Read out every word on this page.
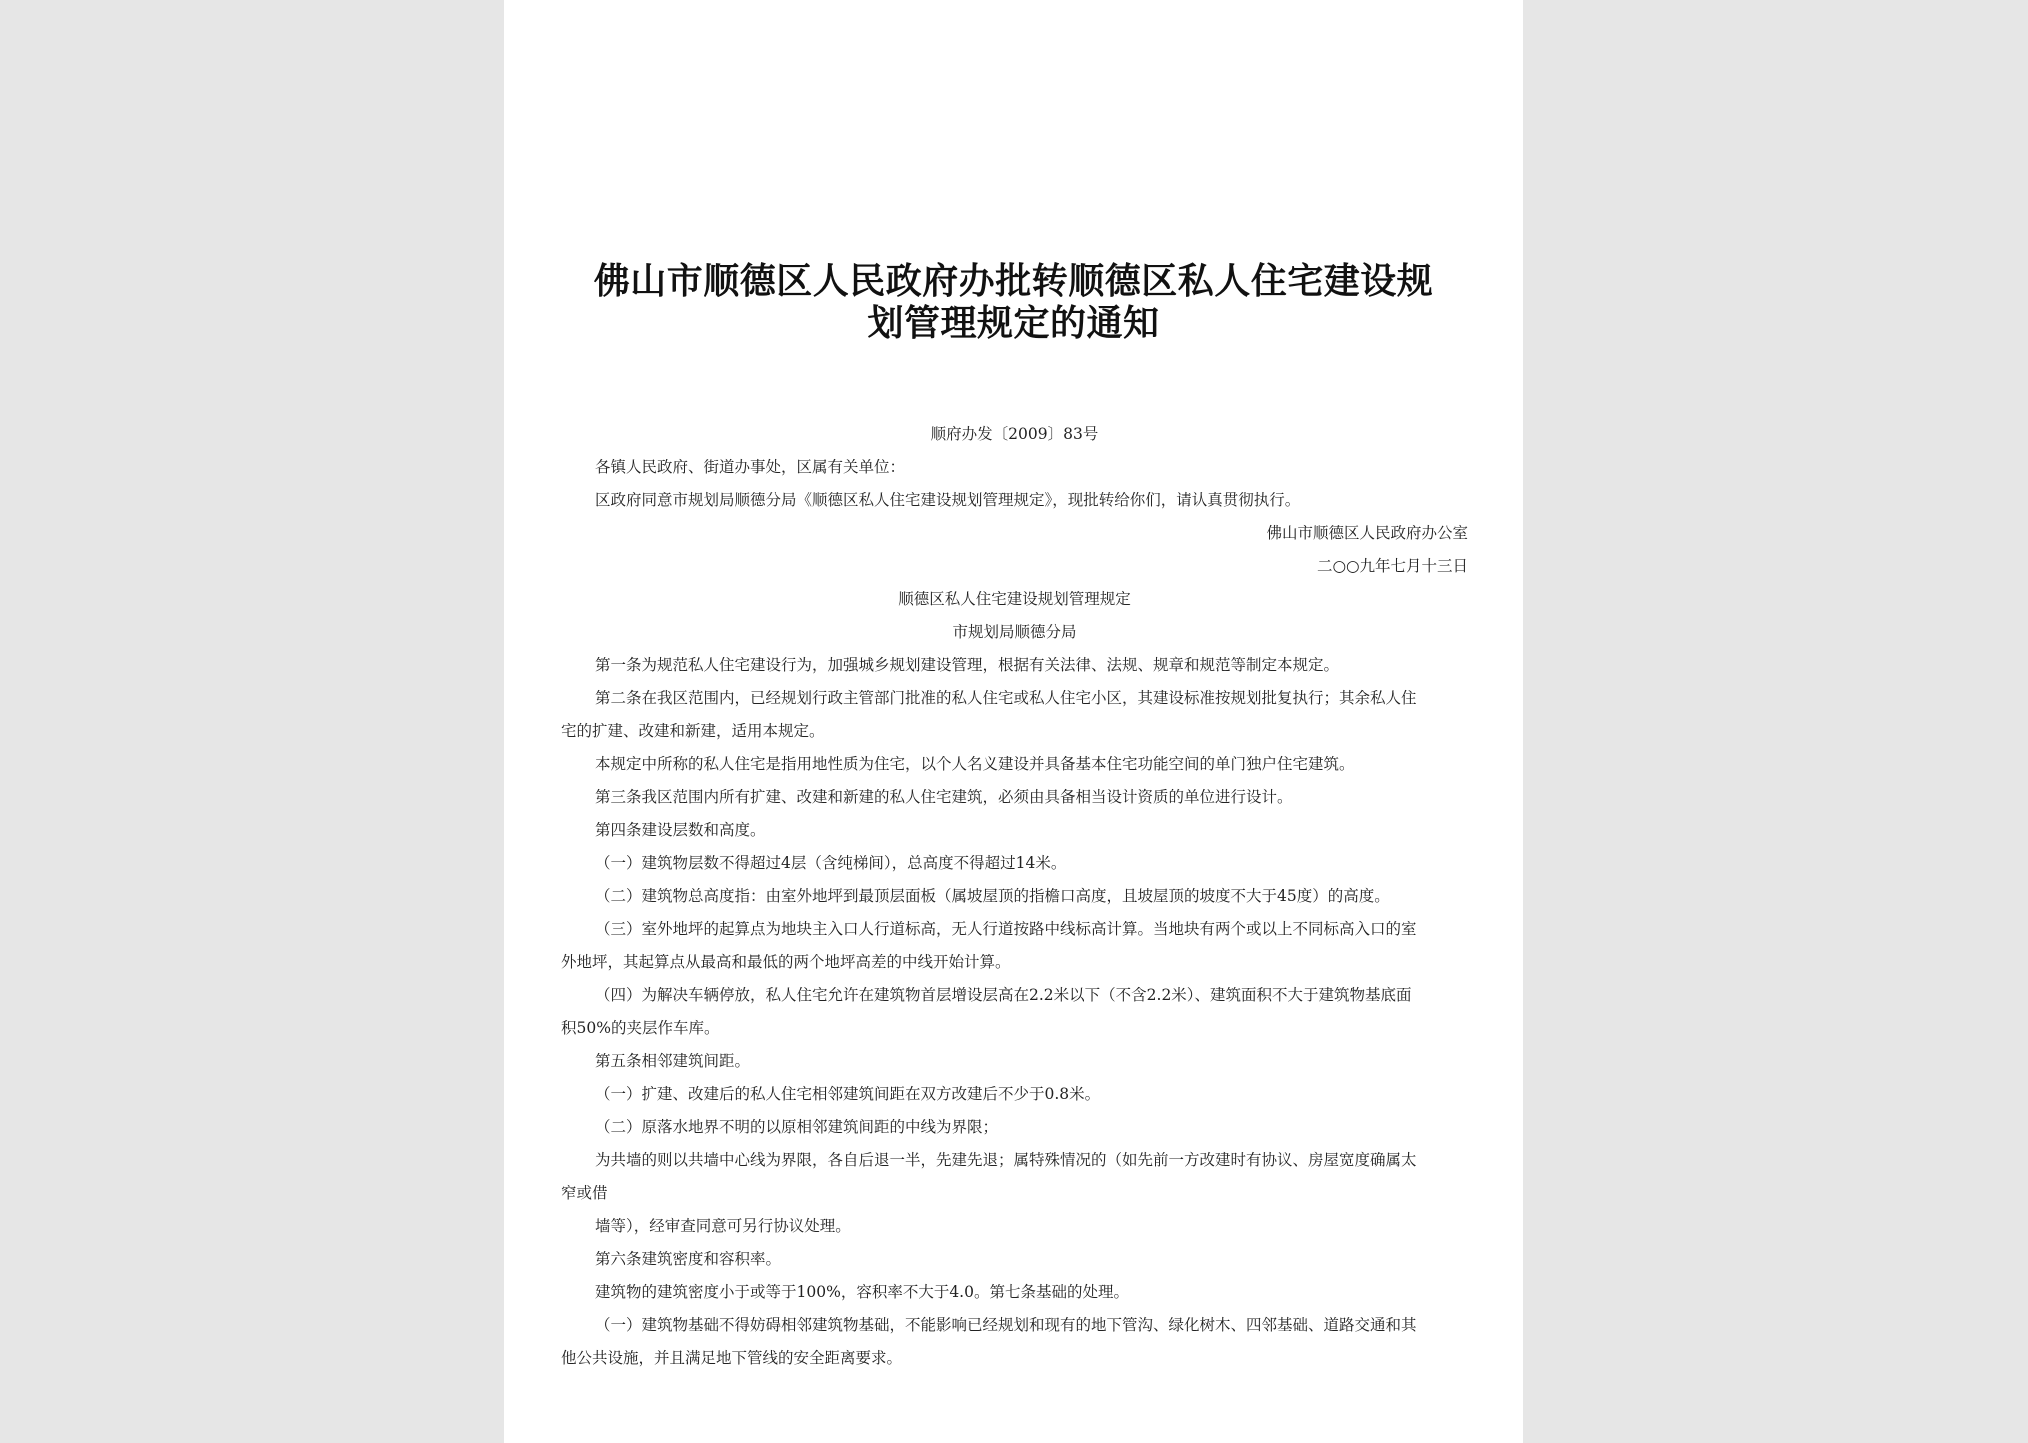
佛山市顺德区人民政府办批转顺德区私人住宅建设规
划管理规定的通知
顺府办发〔2009〕83号
各镇人民政府、街道办事处，区属有关单位：
区政府同意市规划局顺德分局《顺德区私人住宅建设规划管理规定》，现批转给你们，请认真贯彻执行。
佛山市顺德区人民政府办公室
二○○九年七月十三日
顺德区私人住宅建设规划管理规定
市规划局顺德分局
第一条为规范私人住宅建设行为，加强城乡规划建设管理，根据有关法律、法规、规章和规范等制定本规定。
第二条在我区范围内，已经规划行政主管部门批准的私人住宅或私人住宅小区，其建设标准按规划批复执行；其余私人住
宅的扩建、改建和新建，适用本规定。
本规定中所称的私人住宅是指用地性质为住宅，以个人名义建设并具备基本住宅功能空间的单门独户住宅建筑。
第三条我区范围内所有扩建、改建和新建的私人住宅建筑，必须由具备相当设计资质的单位进行设计。
第四条建设层数和高度。
（一）建筑物层数不得超过4层（含纯梯间），总高度不得超过14米。
（二）建筑物总高度指：由室外地坪到最顶层面板（属坡屋顶的指檐口高度，且坡屋顶的坡度不大于45度）的高度。
（三）室外地坪的起算点为地块主入口人行道标高，无人行道按路中线标高计算。当地块有两个或以上不同标高入口的室
外地坪，其起算点从最高和最低的两个地坪高差的中线开始计算。
（四）为解决车辆停放，私人住宅允许在建筑物首层增设层高在2.2米以下（不含2.2米）、建筑面积不大于建筑物基底面
积50%的夹层作车库。
第五条相邻建筑间距。
（一）扩建、改建后的私人住宅相邻建筑间距在双方改建后不少于0.8米。
（二）原落水地界不明的以原相邻建筑间距的中线为界限；
为共墙的则以共墙中心线为界限，各自后退一半，先建先退；属特殊情况的（如先前一方改建时有协议、房屋宽度确属太
窄或借
墙等），经审查同意可另行协议处理。
第六条建筑密度和容积率。
建筑物的建筑密度小于或等于100%，容积率不大于4.0。第七条基础的处理。
（一）建筑物基础不得妨碍相邻建筑物基础，不能影响已经规划和现有的地下管沟、绿化树木、四邻基础、道路交通和其
他公共设施，并且满足地下管线的安全距离要求。
